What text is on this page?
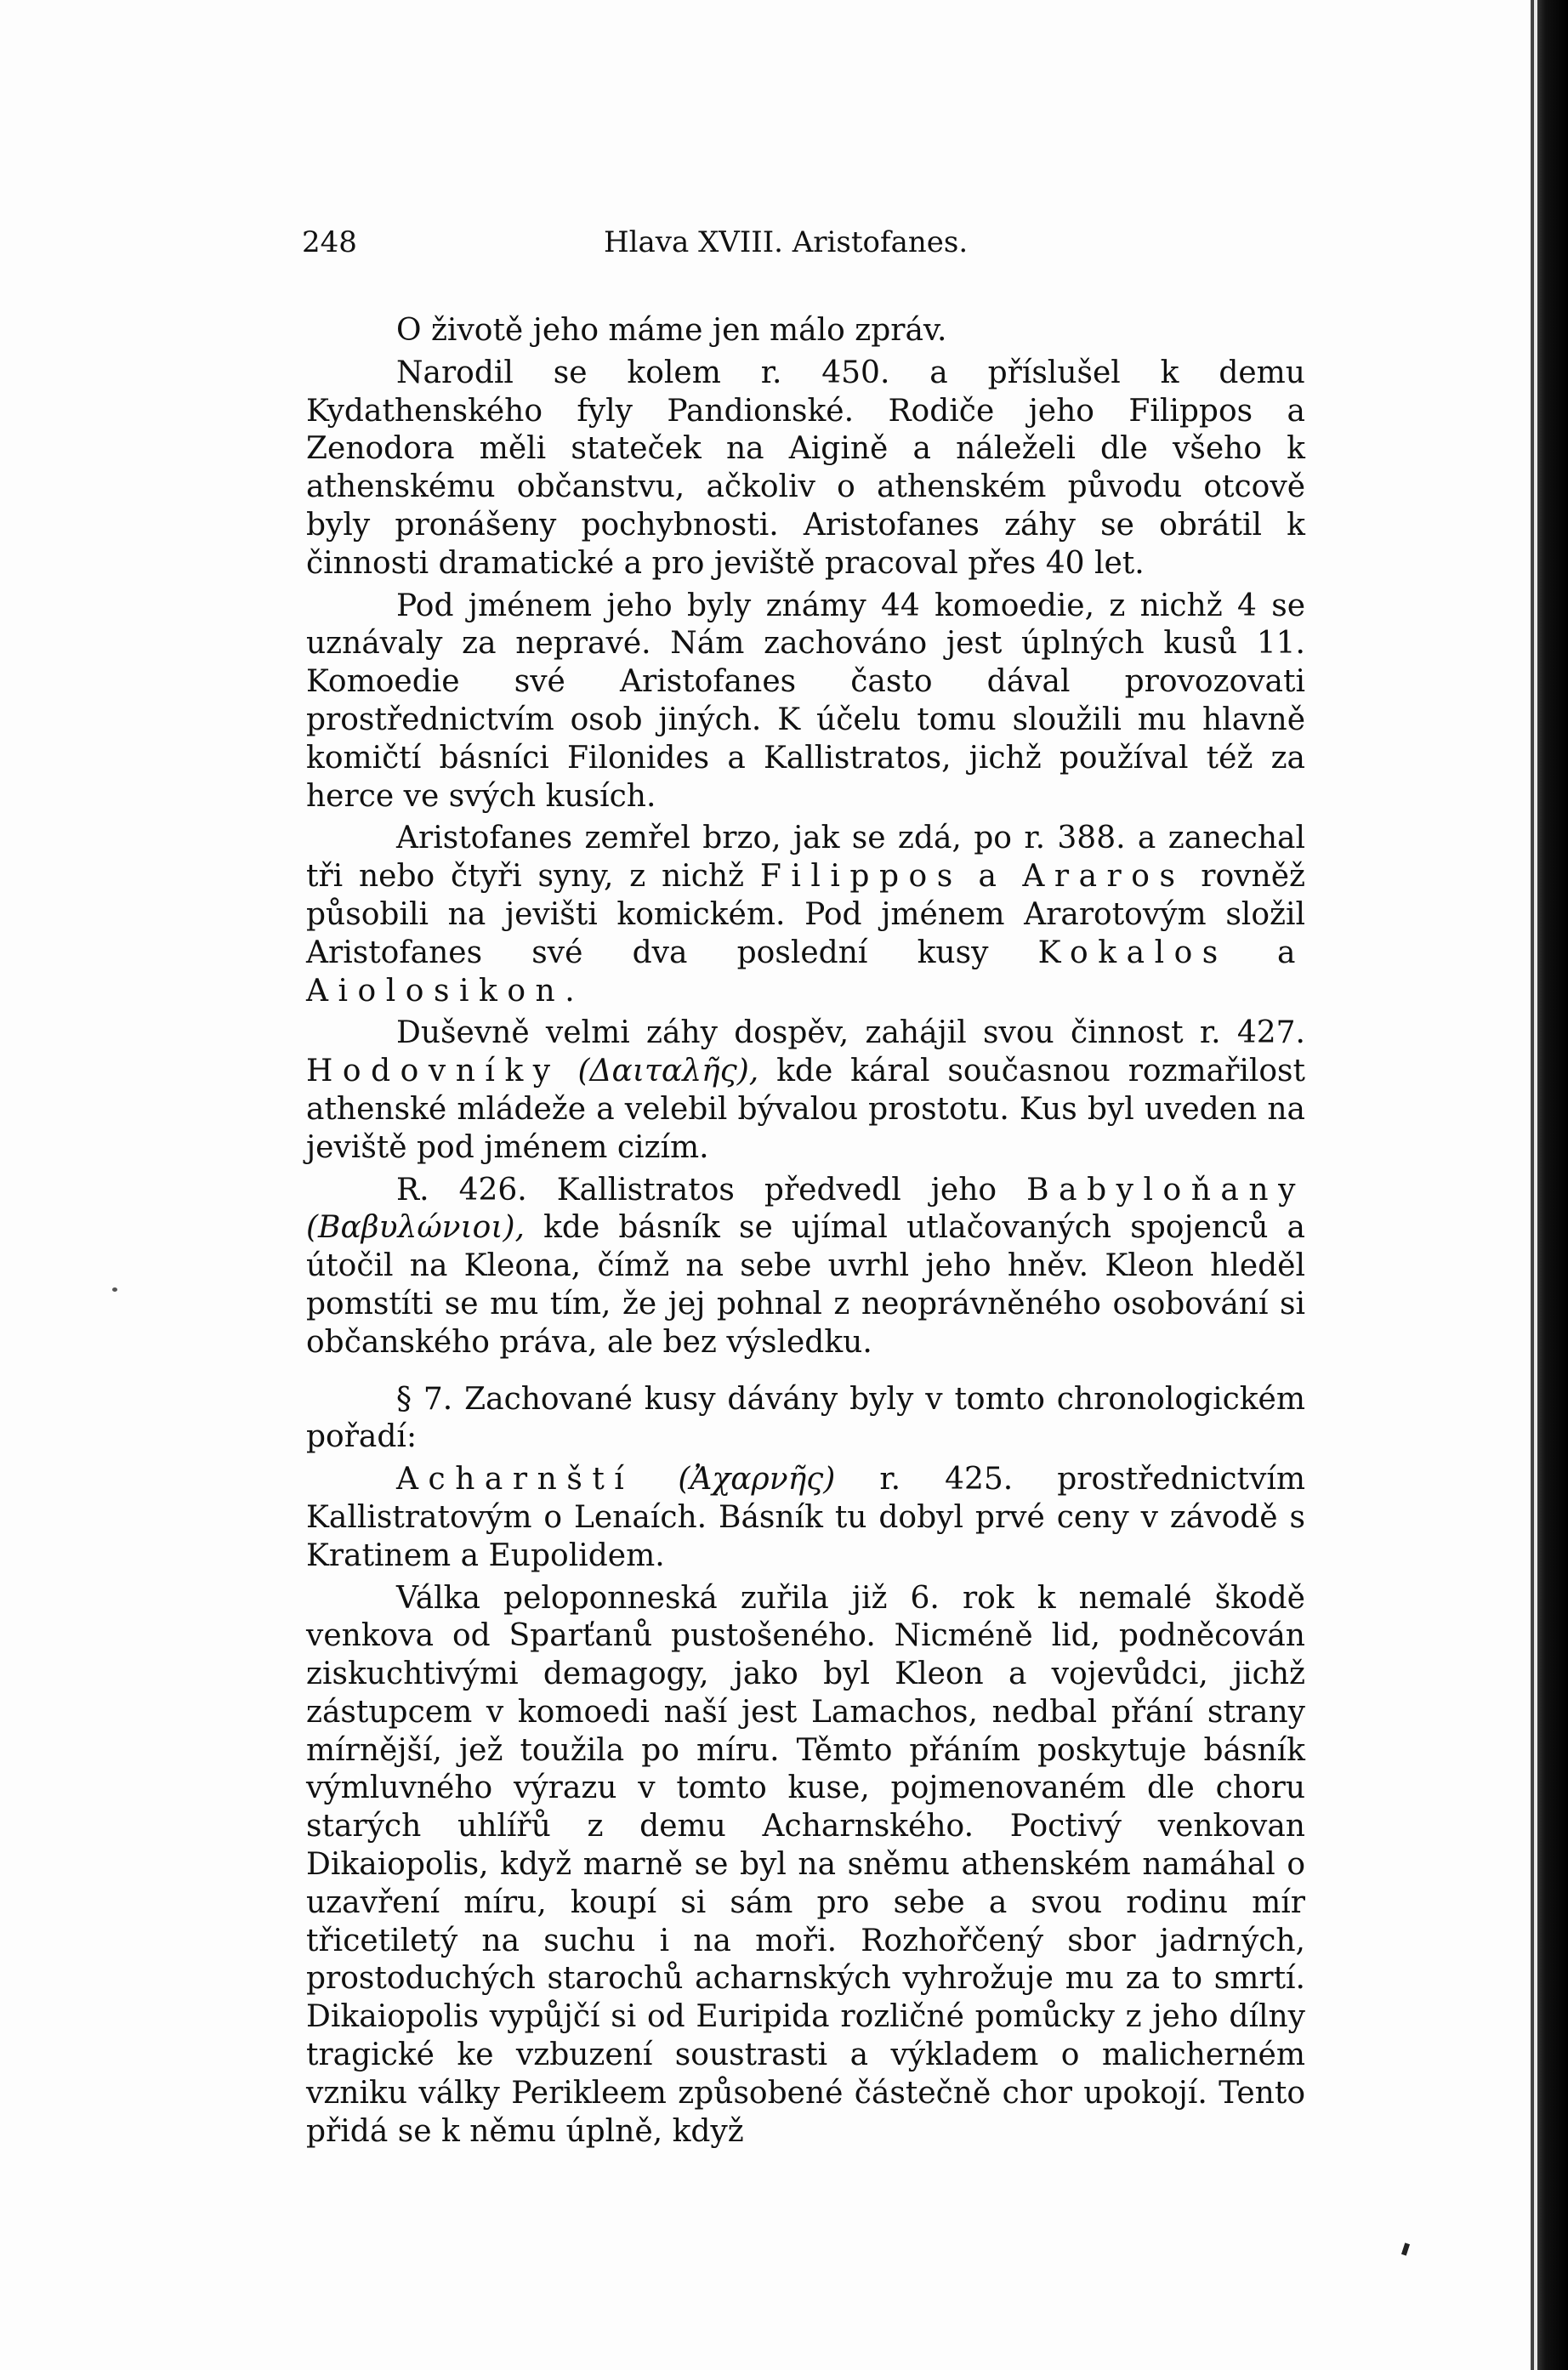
248	Hlava XVIII. Aristofanes.

O životě jeho máme jen málo zpráv.

Narodil se kolem r. 450. a příslušel k demu Kydathenského fyly Pandionské. Rodiče jeho Filippos a Zenodora měli stateček na Aigině a náleželi dle všeho k athenskému občanstvu, ačkoliv o athenském původu otcově byly pronášeny pochybnosti. Aristofanes záhy se obrátil k činnosti dramatické a pro jeviště pracoval přes 40 let.

Pod jménem jeho byly známy 44 komoedie, z nichž 4 se uznávaly za nepravé. Nám zachováno jest úplných kusů 11. Komoedie své Aristofanes často dával provozovati prostřednictvím osob jiných. K účelu tomu sloužili mu hlavně komičtí básníci Filonides a Kallistratos, jichž používal též za herce ve svých kusích.

Aristofanes zemřel brzo, jak se zdá, po r. 388. a zanechal tři nebo čtyři syny, z nichž Filippos a Araros rovněž působili na jevišti komickém. Pod jménem Ararotovým složil Aristofanes své dva poslední kusy Kokalos a Aiolosikon.

Duševně velmi záhy dospěv, zahájil svou činnost r. 427. Hodovníky (Δαιταλῆς), kde káral současnou rozmařilost athenské mládeže a velebil bývalou prostotu. Kus byl uveden na jeviště pod jménem cizím.

R. 426. Kallistratos předvedl jeho Babyloňany (Βαβυλώνιοι), kde básník se ujímal utlačovaných spojenců a útočil na Kleona, čímž na sebe uvrhl jeho hněv. Kleon hleděl pomstíti se mu tím, že jej pohnal z neoprávněného osobování si občanského práva, ale bez výsledku.

§ 7. Zachované kusy dávány byly v tomto chronologickém pořadí:

Acharnští (Ἀχαρνῆς) r. 425. prostřednictvím Kallistratovým o Lenaích. Básník tu dobyl prvé ceny v závodě s Kratinem a Eupolidem.

Válka peloponneská zuřila již 6. rok k nemalé škodě venkova od Sparťanů pustošeného. Nicméně lid, podněcován ziskuchtivými demagogy, jako byl Kleon a vojevůdci, jichž zástupcem v komoedi naší jest Lamachos, nedbal přání strany mírnější, jež toužila po míru. Těmto přáním poskytuje básník výmluvného výrazu v tomto kuse, pojmenovaném dle choru starých uhlířů z demu Acharnského. Poctivý venkovan Dikaiopolis, když marně se byl na sněmu athenském namáhal o uzavření míru, koupí si sám pro sebe a svou rodinu mír třicetiletý na suchu i na moři. Rozhořčený sbor jadrných, prostoduchých starochů acharnských vyhrožuje mu za to smrtí. Dikaiopolis vypůjčí si od Euripida rozličné pomůcky z jeho dílny tragické ke vzbuzení soustrasti a výkladem o malicherném vzniku války Perikleem způsobené částečně chor upokojí. Tento přidá se k němu úplně, když
